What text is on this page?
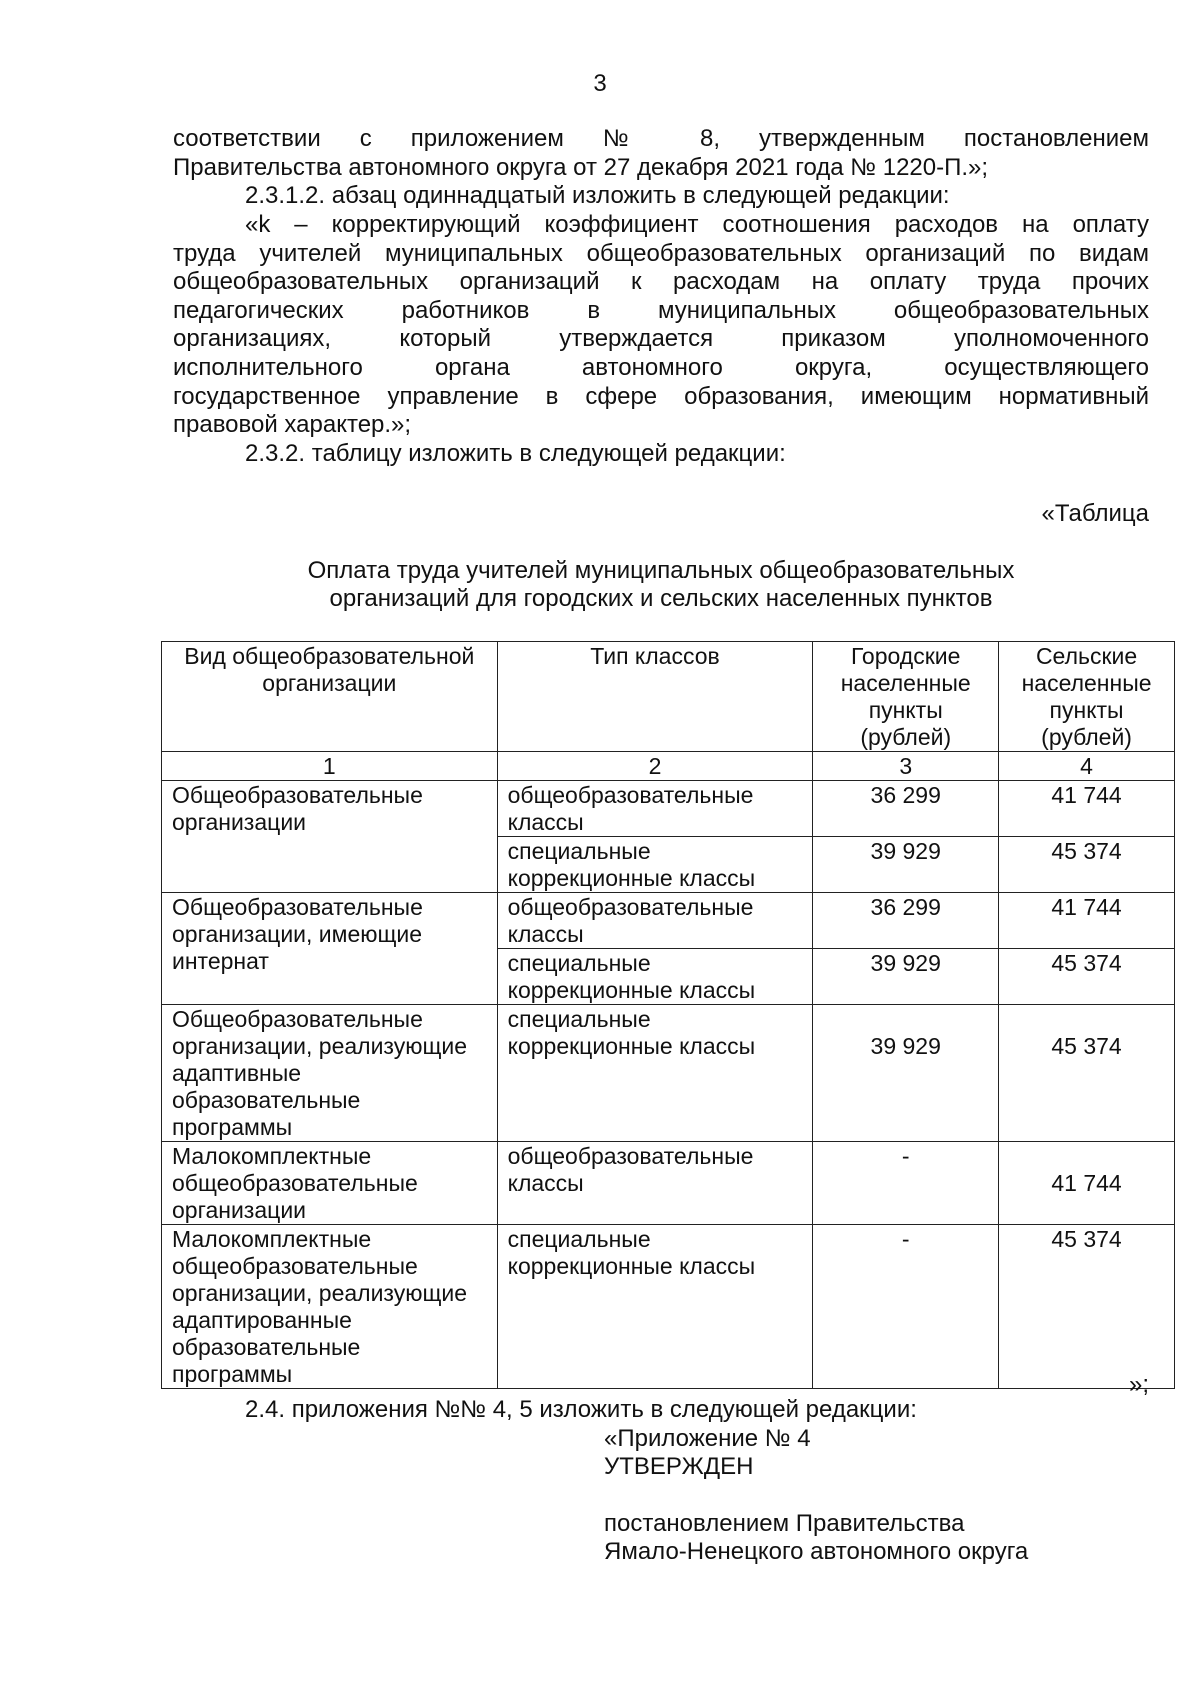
3
соответствии с приложением № 8, утвержденным постановлением
Правительства автономного округа от 27 декабря 2021 года № 1220-П.»;
2.3.1.2. абзац одиннадцатый изложить в следующей редакции:
«k – корректирующий коэффициент соотношения расходов на оплату
труда учителей муниципальных общеобразовательных организаций по видам
общеобразовательных организаций к расходам на оплату труда прочих
педагогических работников в муниципальных общеобразовательных
организациях, который утверждается приказом уполномоченного
исполнительного органа автономного округа, осуществляющего
государственное управление в сфере образования, имеющим нормативный
правовой характер.»;
2.3.2. таблицу изложить в следующей редакции:
«Таблица
Оплата труда учителей муниципальных общеобразовательных
организаций для городских и сельских населенных пунктов
Вид общеобразовательной организации	Тип классов	Городские населенные пункты (рублей)	Сельские населенные пункты (рублей)
1	2	3	4
Общеобразовательные организации	общеобразовательные классы	36 299	41 744
	специальные коррекционные классы	39 929	45 374
Общеобразовательные организации, имеющие интернат	общеобразовательные классы	36 299	41 744
	специальные коррекционные классы	39 929	45 374
Общеобразовательные организации, реализующие адаптивные образовательные программы	специальные коррекционные классы	39 929	45 374
Малокомплектные общеобразовательные организации	общеобразовательные классы	-	41 744
Малокомплектные общеобразовательные организации, реализующие адаптированные образовательные программы	специальные коррекционные классы	-	45 374
»;
2.4. приложения №№ 4, 5 изложить в следующей редакции:
«Приложение № 4
УТВЕРЖДЕН
постановлением Правительства
Ямало-Ненецкого автономного округа
